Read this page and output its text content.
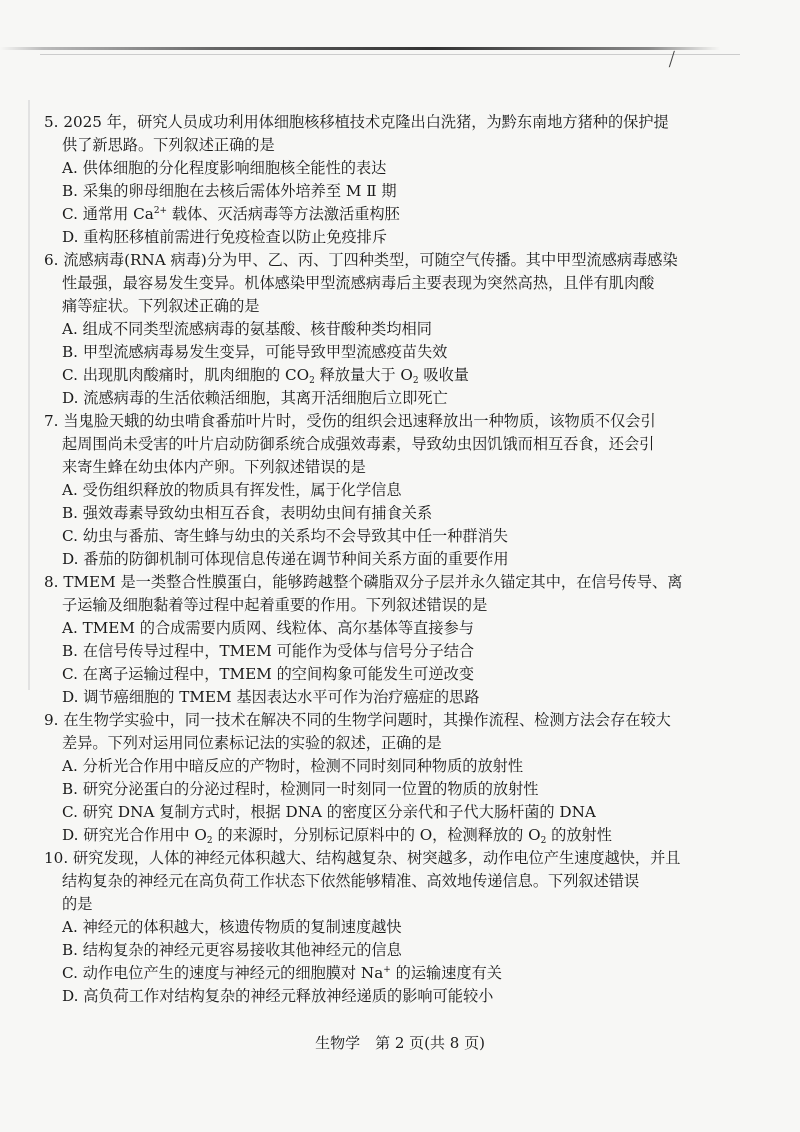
╱
5. 2025 年，研究人员成功利用体细胞核移植技术克隆出白洗猪，为黔东南地方猪种的保护提
供了新思路。下列叙述正确的是
A. 供体细胞的分化程度影响细胞核全能性的表达
B. 采集的卵母细胞在去核后需体外培养至 M Ⅱ 期
C. 通常用 $Ca^{2+}$ 载体、灭活病毒等方法激活重构胚
D. 重构胚移植前需进行免疫检查以防止免疫排斥
6. 流感病毒(RNA 病毒)分为甲、乙、丙、丁四种类型，可随空气传播。其中甲型流感病毒感染
性最强，最容易发生变异。机体感染甲型流感病毒后主要表现为突然高热，且伴有肌肉酸
痛等症状。下列叙述正确的是
A. 组成不同类型流感病毒的氨基酸、核苷酸种类均相同
B. 甲型流感病毒易发生变异，可能导致甲型流感疫苗失效
C. 出现肌肉酸痛时，肌肉细胞的 $CO_2$ 释放量大于 $O_2$ 吸收量
D. 流感病毒的生活依赖活细胞，其离开活细胞后立即死亡
7. 当鬼脸天蛾的幼虫啃食番茄叶片时，受伤的组织会迅速释放出一种物质，该物质不仅会引
起周围尚未受害的叶片启动防御系统合成强效毒素，导致幼虫因饥饿而相互吞食，还会引
来寄生蜂在幼虫体内产卵。下列叙述错误的是
A. 受伤组织释放的物质具有挥发性，属于化学信息
B. 强效毒素导致幼虫相互吞食，表明幼虫间有捕食关系
C. 幼虫与番茄、寄生蜂与幼虫的关系均不会导致其中任一种群消失
D. 番茄的防御机制可体现信息传递在调节种间关系方面的重要作用
8. TMEM 是一类整合性膜蛋白，能够跨越整个磷脂双分子层并永久锚定其中，在信号传导、离
子运输及细胞黏着等过程中起着重要的作用。下列叙述错误的是
A. TMEM 的合成需要内质网、线粒体、高尔基体等直接参与
B. 在信号传导过程中，TMEM 可能作为受体与信号分子结合
C. 在离子运输过程中，TMEM 的空间构象可能发生可逆改变
D. 调节癌细胞的 TMEM 基因表达水平可作为治疗癌症的思路
9. 在生物学实验中，同一技术在解决不同的生物学问题时，其操作流程、检测方法会存在较大
差异。下列对运用同位素标记法的实验的叙述，正确的是
A. 分析光合作用中暗反应的产物时，检测不同时刻同种物质的放射性
B. 研究分泌蛋白的分泌过程时，检测同一时刻同一位置的物质的放射性
C. 研究 DNA 复制方式时，根据 DNA 的密度区分亲代和子代大肠杆菌的 DNA
D. 研究光合作用中 $O_2$ 的来源时，分别标记原料中的 O，检测释放的 $O_2$ 的放射性
10. 研究发现，人体的神经元体积越大、结构越复杂、树突越多，动作电位产生速度越快，并且
结构复杂的神经元在高负荷工作状态下依然能够精准、高效地传递信息。下列叙述错误
的是
A. 神经元的体积越大，核遗传物质的复制速度越快
B. 结构复杂的神经元更容易接收其他神经元的信息
C. 动作电位产生的速度与神经元的细胞膜对 Na+ 的运输速度有关
D. 高负荷工作对结构复杂的神经元释放神经递质的影响可能较小
生物学　第 2 页(共 8 页)
